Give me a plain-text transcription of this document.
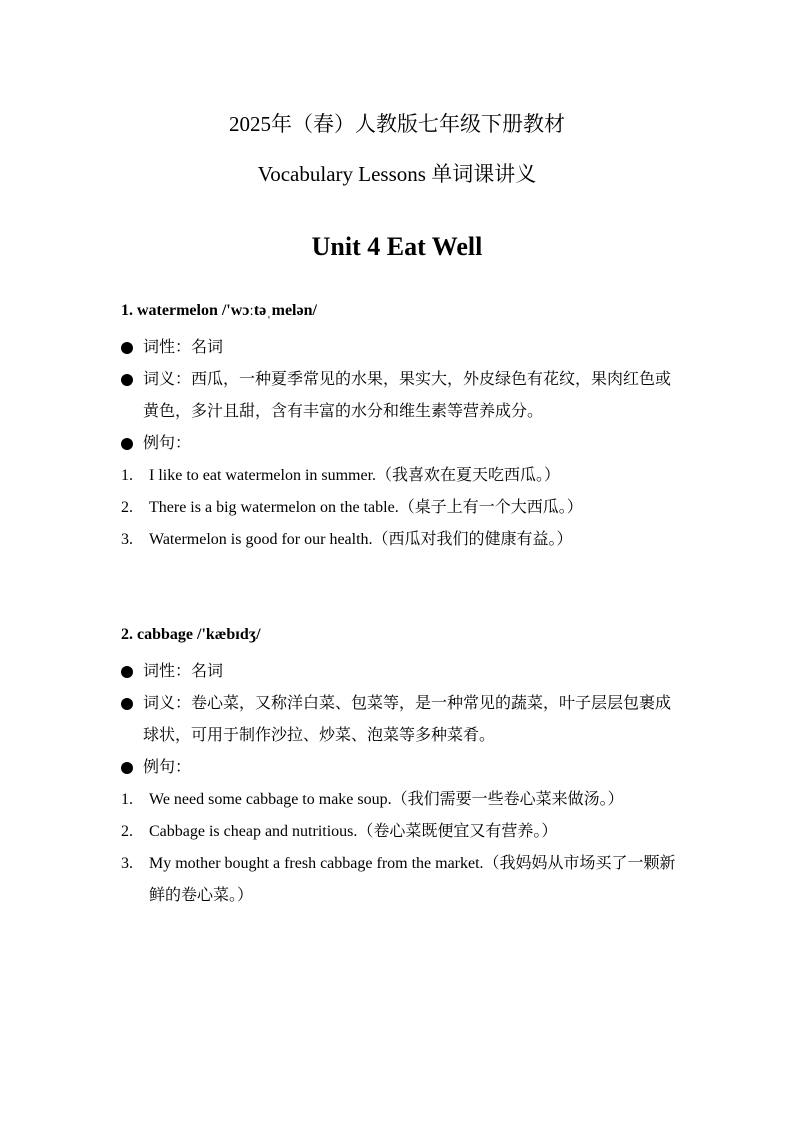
2025年（春）人教版七年级下册教材
Vocabulary Lessons 单词课讲义
Unit 4 Eat Well
1. watermelon /'wɔːtəˌmelən/
词性：名词
词义：西瓜，一种夏季常见的水果，果实大，外皮绿色有花纹，果肉红色或黄色，多汁且甜，含有丰富的水分和维生素等营养成分。
例句：
1. I like to eat watermelon in summer.（我喜欢在夏天吃西瓜。）
2. There is a big watermelon on the table.（桌子上有一个大西瓜。）
3. Watermelon is good for our health.（西瓜对我们的健康有益。）
2. cabbage /'kæbɪdʒ/
词性：名词
词义：卷心菜，又称洋白菜、包菜等，是一种常见的蔬菜，叶子层层包裹成球状，可用于制作沙拉、炒菜、泡菜等多种菜肴。
例句：
1. We need some cabbage to make soup.（我们需要一些卷心菜来做汤。）
2. Cabbage is cheap and nutritious.（卷心菜既便宜又有营养。）
3. My mother bought a fresh cabbage from the market.（我妈妈从市场买了一颗新鲜的卷心菜。）
